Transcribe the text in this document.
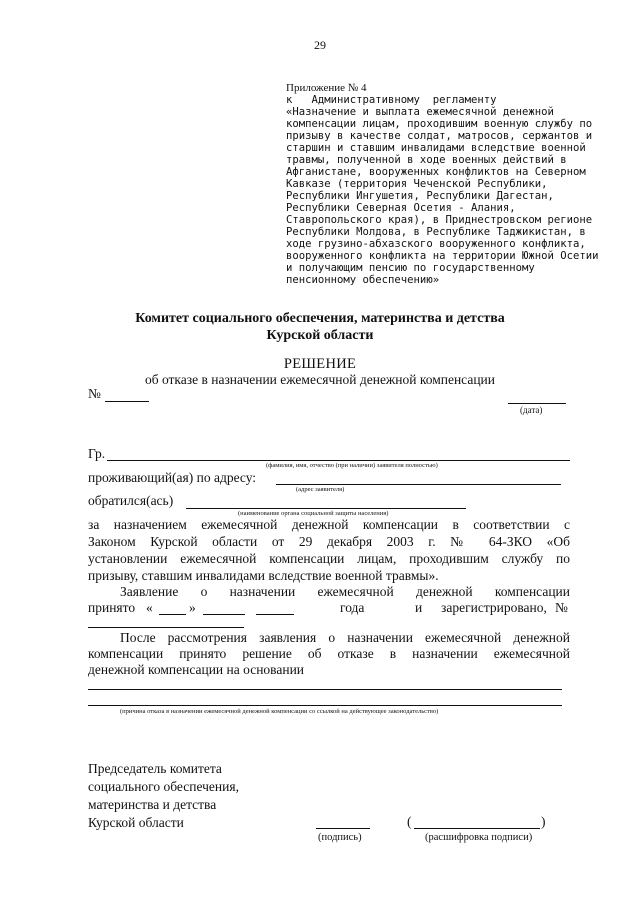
29
Приложение № 4
к   Административному  регламенту
«Назначение и выплата ежемесячной денежной
компенсации лицам, проходившим военную службу по
призыву в качестве солдат, матросов, сержантов и
старшин и ставшим инвалидами вследствие военной
травмы, полученной в ходе военных действий в
Афганистане, вооруженных конфликтов на Северном
Кавказе (территория Чеченской Республики,
Республики Ингушетия, Республики Дагестан,
Республики Северная Осетия - Алания,
Ставропольского края), в Приднестровском регионе
Республики Молдова, в Республике Таджикистан, в
ходе грузино-абхазского вооруженного конфликта,
вооруженного конфликта на территории Южной Осетии
и получающим пенсию по государственному
пенсионному обеспечению»
Комитет социального обеспечения, материнства и детства
Курской области
РЕШЕНИЕ
об отказе в назначении ежемесячной денежной компенсации
№
(дата)
Гр.
(фамилия, имя, отчество (при наличии) заявителя полностью)
проживающий(ая) по адресу:
(адрес заявителя)
обратился(ась)
(наименование органа социальной защиты населения)
за назначением ежемесячной денежной компенсации в соответствии с
Законом Курской области от 29 декабря 2003 г. № 64-ЗКО «Об
установлении ежемесячной компенсации лицам, проходившим службу по
призыву, ставшим инвалидами вследствие военной травмы».
Заявление о назначении ежемесячной денежной компенсации
принято «	»	года	и зарегистрировано, №
После рассмотрения заявления о назначении ежемесячной денежной
компенсации принято решение об отказе в назначении ежемесячной
денежной компенсации на основании
(причина отказа в назначении ежемесячной денежной компенсации со ссылкой на действующее законодательство)
Председатель комитета
социального обеспечения,
материнства и детства
Курской области
(подпись)
(	)
(расшифровка подписи)
